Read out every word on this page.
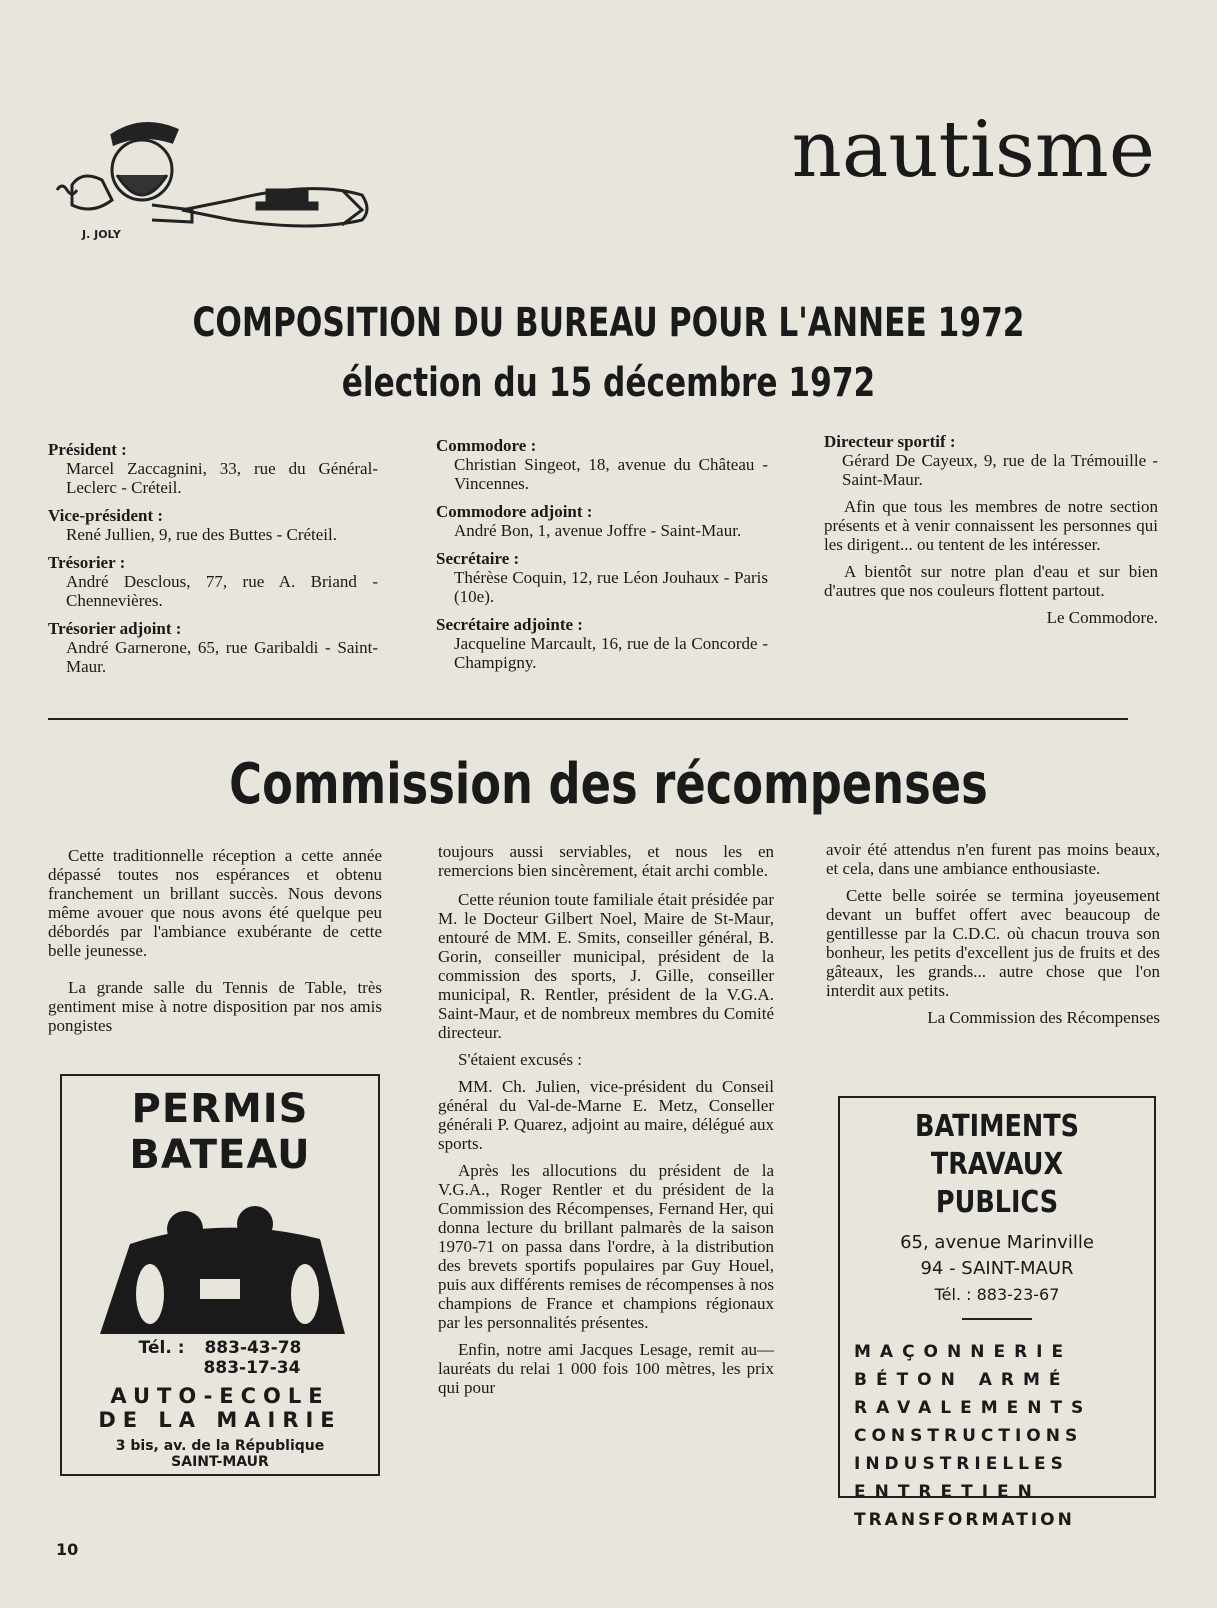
nautisme
J. JOLY
COMPOSITION DU BUREAU POUR L'ANNEE 1972
élection du 15 décembre 1972
Président :
Marcel Zaccagnini, 33, rue du Général-Leclerc - Créteil.
Vice-président :
René Jullien, 9, rue des Buttes - Créteil.
Trésorier :
André Desclous, 77, rue A. Briand - Chennevières.
Trésorier adjoint :
André Garnerone, 65, rue Garibaldi - Saint-Maur.
Commodore :
Christian Singeot, 18, avenue du Château - Vincennes.
Commodore adjoint :
André Bon, 1, avenue Joffre - Saint-Maur.
Secrétaire :
Thérèse Coquin, 12, rue Léon Jouhaux - Paris (10e).
Secrétaire adjointe :
Jacqueline Marcault, 16, rue de la Concorde - Champigny.
Directeur sportif :
Gérard De Cayeux, 9, rue de la Trémouille - Saint-Maur.

Afin que tous les membres de notre section présents et à venir connaissent les personnes qui les dirigent... ou tentent de les intéresser.

A bientôt sur notre plan d'eau et sur bien d'autres que nos couleurs flottent partout.

Le Commodore.
Commission des récompenses

Cette traditionnelle réception a cette année dépassé toutes nos espérances et obtenu franchement un brillant succès. Nous devons même avouer que nous avons été quelque peu débordés par l'ambiance exubérante de cette belle jeunesse.

La grande salle du Tennis de Table, très gentiment mise à notre disposition par nos amis pongistes

toujours aussi serviables, et nous les en remercions bien sincèrement, était archi comble.

Cette réunion toute familiale était présidée par M. le Docteur Gilbert Noel, Maire de St-Maur, entouré de MM. E. Smits, conseiller général, B. Gorin, conseiller municipal, président de la commission des sports, J. Gille, conseiller municipal, R. Rentler, président de la V.G.A. Saint-Maur, et de nombreux membres du Comité directeur.

S'étaient excusés :

MM. Ch. Julien, vice-président du Conseil général du Val-de-Marne E. Metz, Conseller générali P. Quarez, adjoint au maire, délégué aux sports.

Après les allocutions du président de la V.G.A., Roger Rentler et du président de la Commission des Récompenses, Fernand Her, qui donna lecture du brillant palmarès de la saison 1970-71 on passa dans l'ordre, à la distribution des brevets sportifs populaires par Guy Houel, puis aux différents remises de récompenses à nos champions de France et champions régionaux par les personnalités présentes.

Enfin, notre ami Jacques Lesage, remit au— lauréats du relai 1 000 fois 100 mètres, les prix qui pour

avoir été attendus n'en furent pas moins beaux, et cela, dans une ambiance enthousiaste.

Cette belle soirée se termina joyeusement devant un buffet offert avec beaucoup de gentillesse par la C.D.C. où chacun trouva son bonheur, les petits d'excellent jus de fruits et des gâteaux, les grands... autre chose que l'on interdit aux petits.

La Commission des Récompenses
PERMIS
BATEAU
Tél. : 883-43-78
883-17-34
AUTO-ECOLE
DE LA MAIRIE
3 bis, av. de la République
SAINT-MAUR
BATIMENTS
TRAVAUX PUBLICS
65, avenue Marinville
94 - SAINT-MAUR
Tél. : 883-23-67
MAÇONNERIE
BÉTON ARMÉ
RAVALEMENTS
CONSTRUCTIONS
INDUSTRIELLES
ENTRETIEN
TRANSFORMATION
10
